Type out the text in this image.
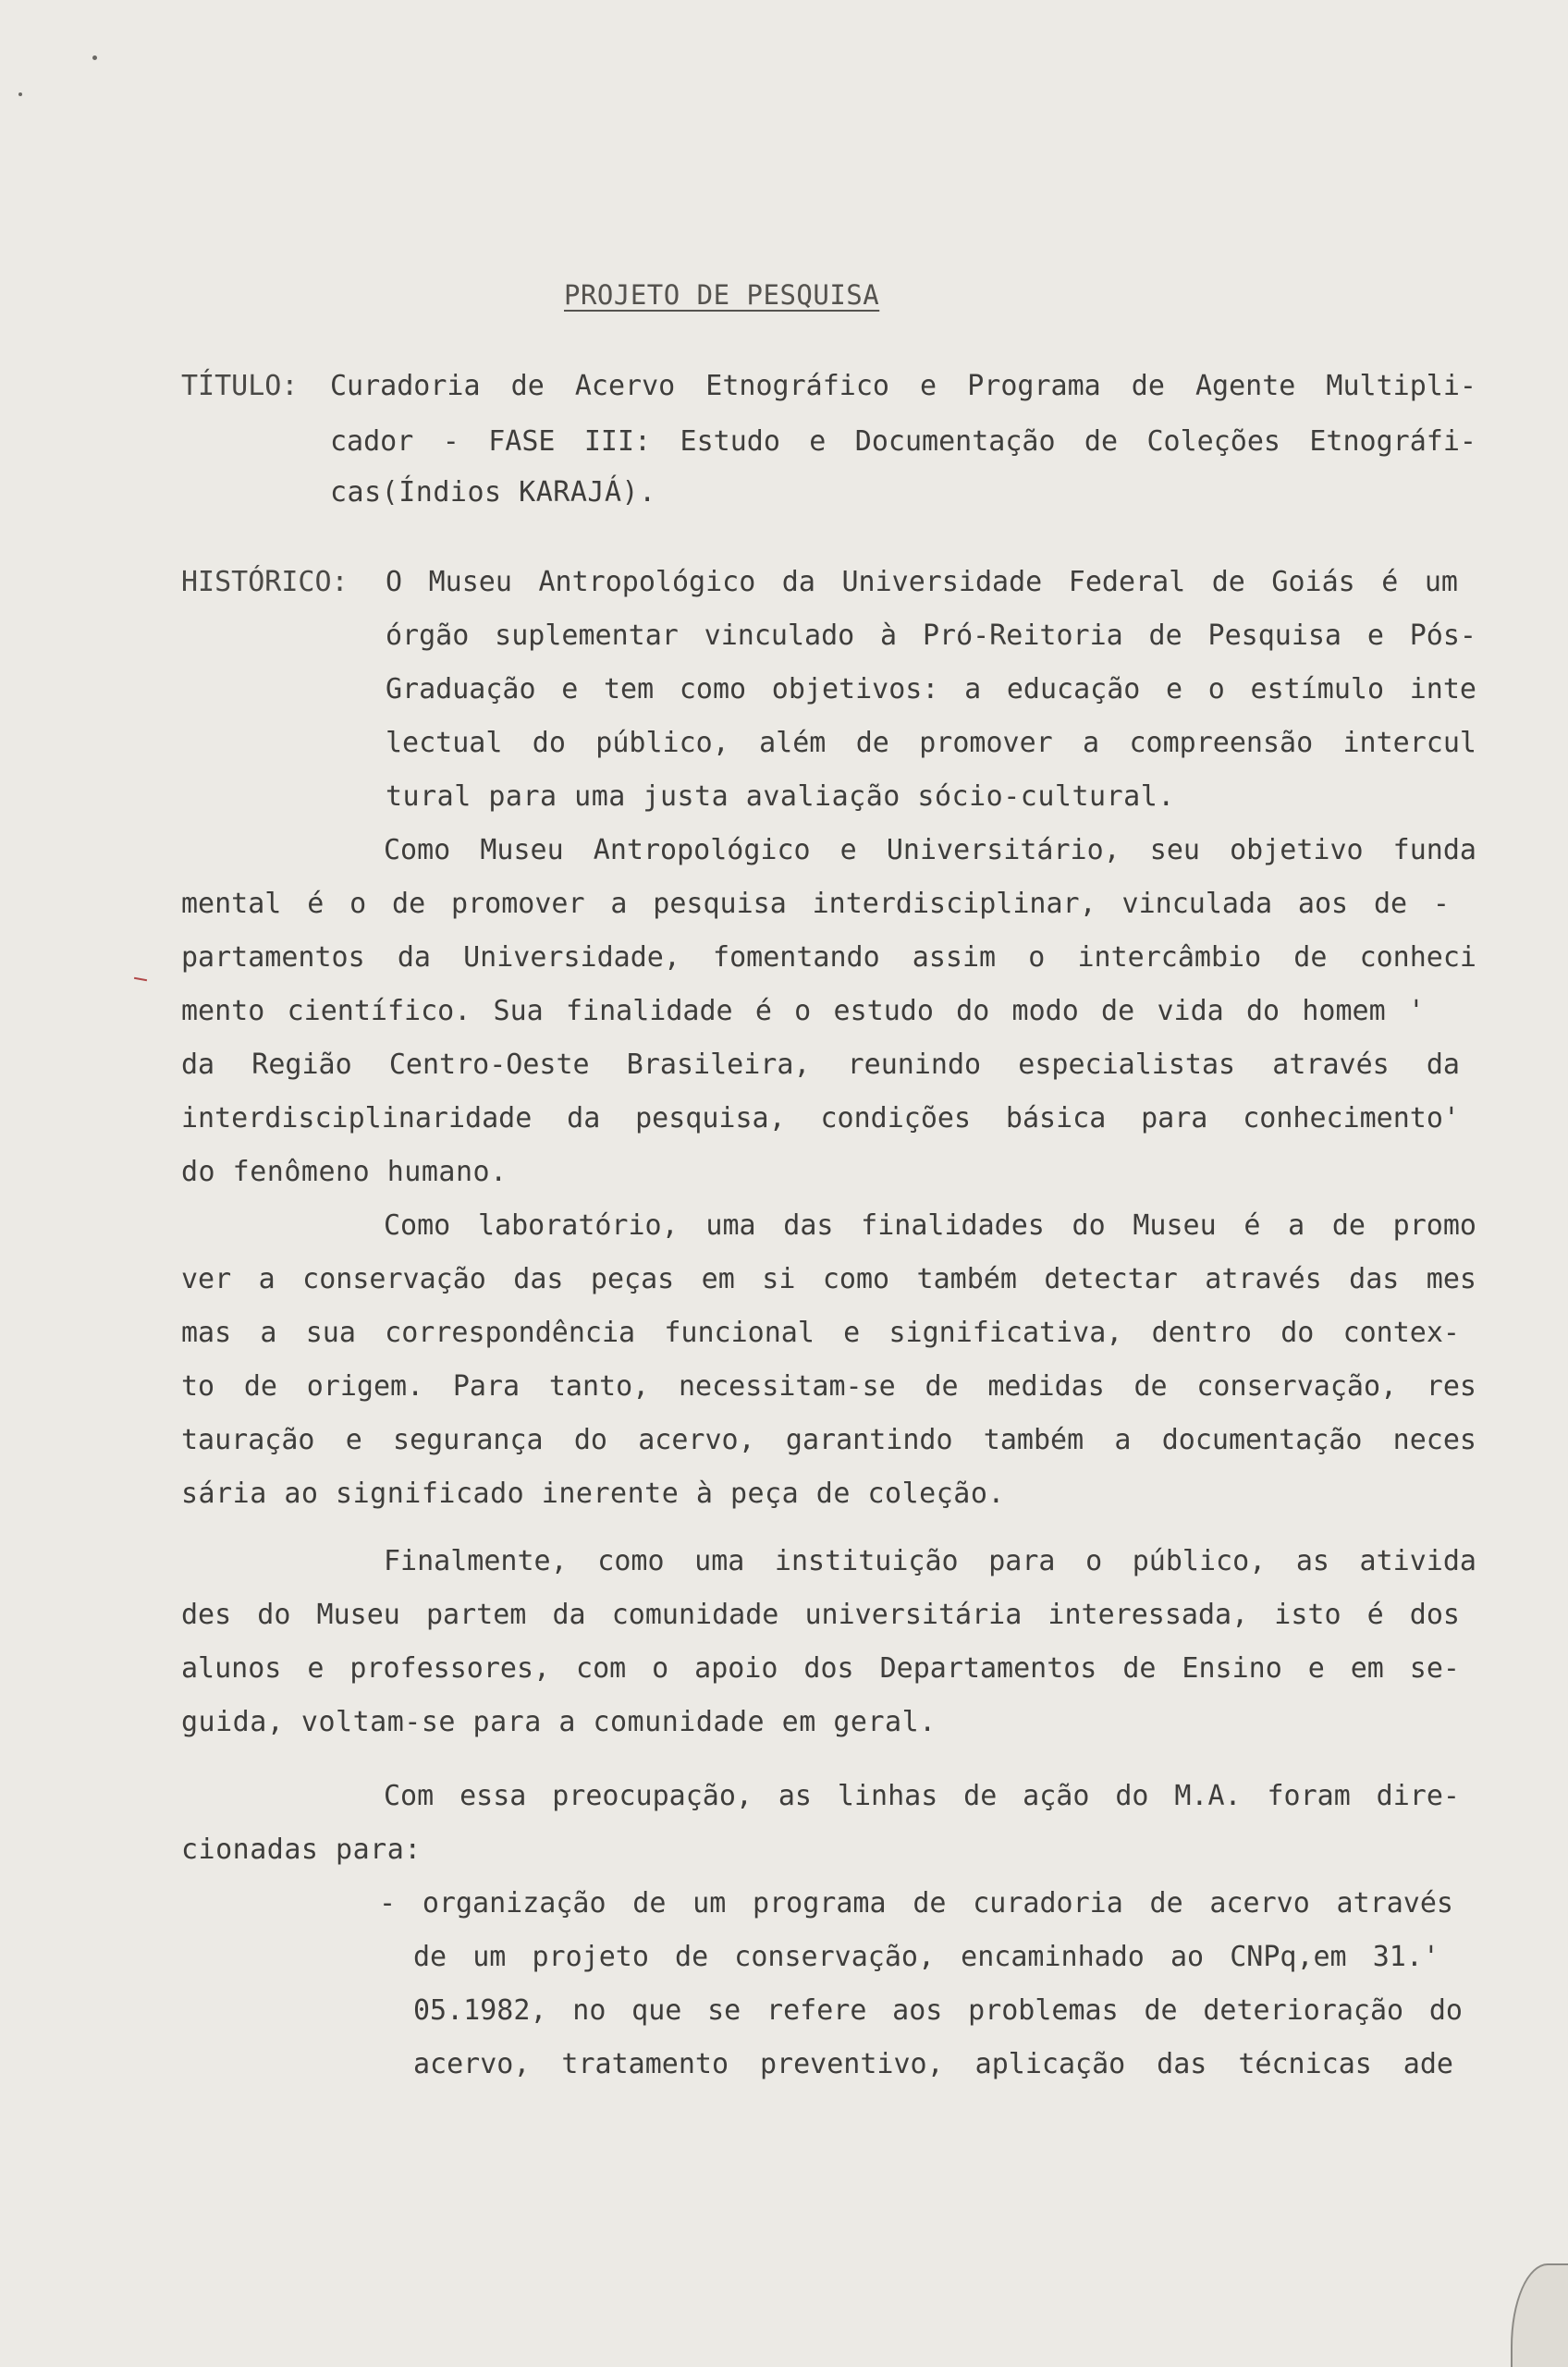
PROJETO DE PESQUISA
TÍTULO: Curadoria de Acervo Etnográfico e Programa de Agente Multipli-
cador - FASE III: Estudo e Documentação de Coleções Etnográfi-
cas(Índios KARAJÁ).
HISTÓRICO: O Museu Antropológico da Universidade Federal de Goiás é um
órgão suplementar vinculado à Pró-Reitoria de Pesquisa e Pós-
Graduação e tem como objetivos: a educação e o estímulo inte
lectual do público, além de promover a compreensão intercul
tural para uma justa avaliação sócio-cultural.
Como Museu Antropológico e Universitário, seu objetivo funda
mental é o de promover a pesquisa interdisciplinar, vinculada aos de -
partamentos da Universidade, fomentando assim o intercâmbio de conheci
mento científico. Sua finalidade é o estudo do modo de vida do homem '
da Região Centro-Oeste Brasileira, reunindo especialistas através da
interdisciplinaridade da pesquisa, condições básica para conhecimento'
do fenômeno humano.
Como laboratório, uma das finalidades do Museu é a de promo
ver a conservação das peças em si como também detectar através das mes
mas a sua correspondência funcional e significativa, dentro do contex-
to de origem. Para tanto, necessitam-se de medidas de conservação, res
tauração e segurança do acervo, garantindo também a documentação neces
sária ao significado inerente à peça de coleção.
Finalmente, como uma instituição para o público, as ativida
des do Museu partem da comunidade universitária interessada, isto é dos
alunos e professores, com o apoio dos Departamentos de Ensino e em se-
guida, voltam-se para a comunidade em geral.
Com essa preocupação, as linhas de ação do M.A. foram dire-
cionadas para:
- organização de um programa de curadoria de acervo através
de um projeto de conservação, encaminhado ao CNPq,em 31.'
05.1982, no que se refere aos problemas de deterioração do
acervo, tratamento preventivo, aplicação das técnicas ade
